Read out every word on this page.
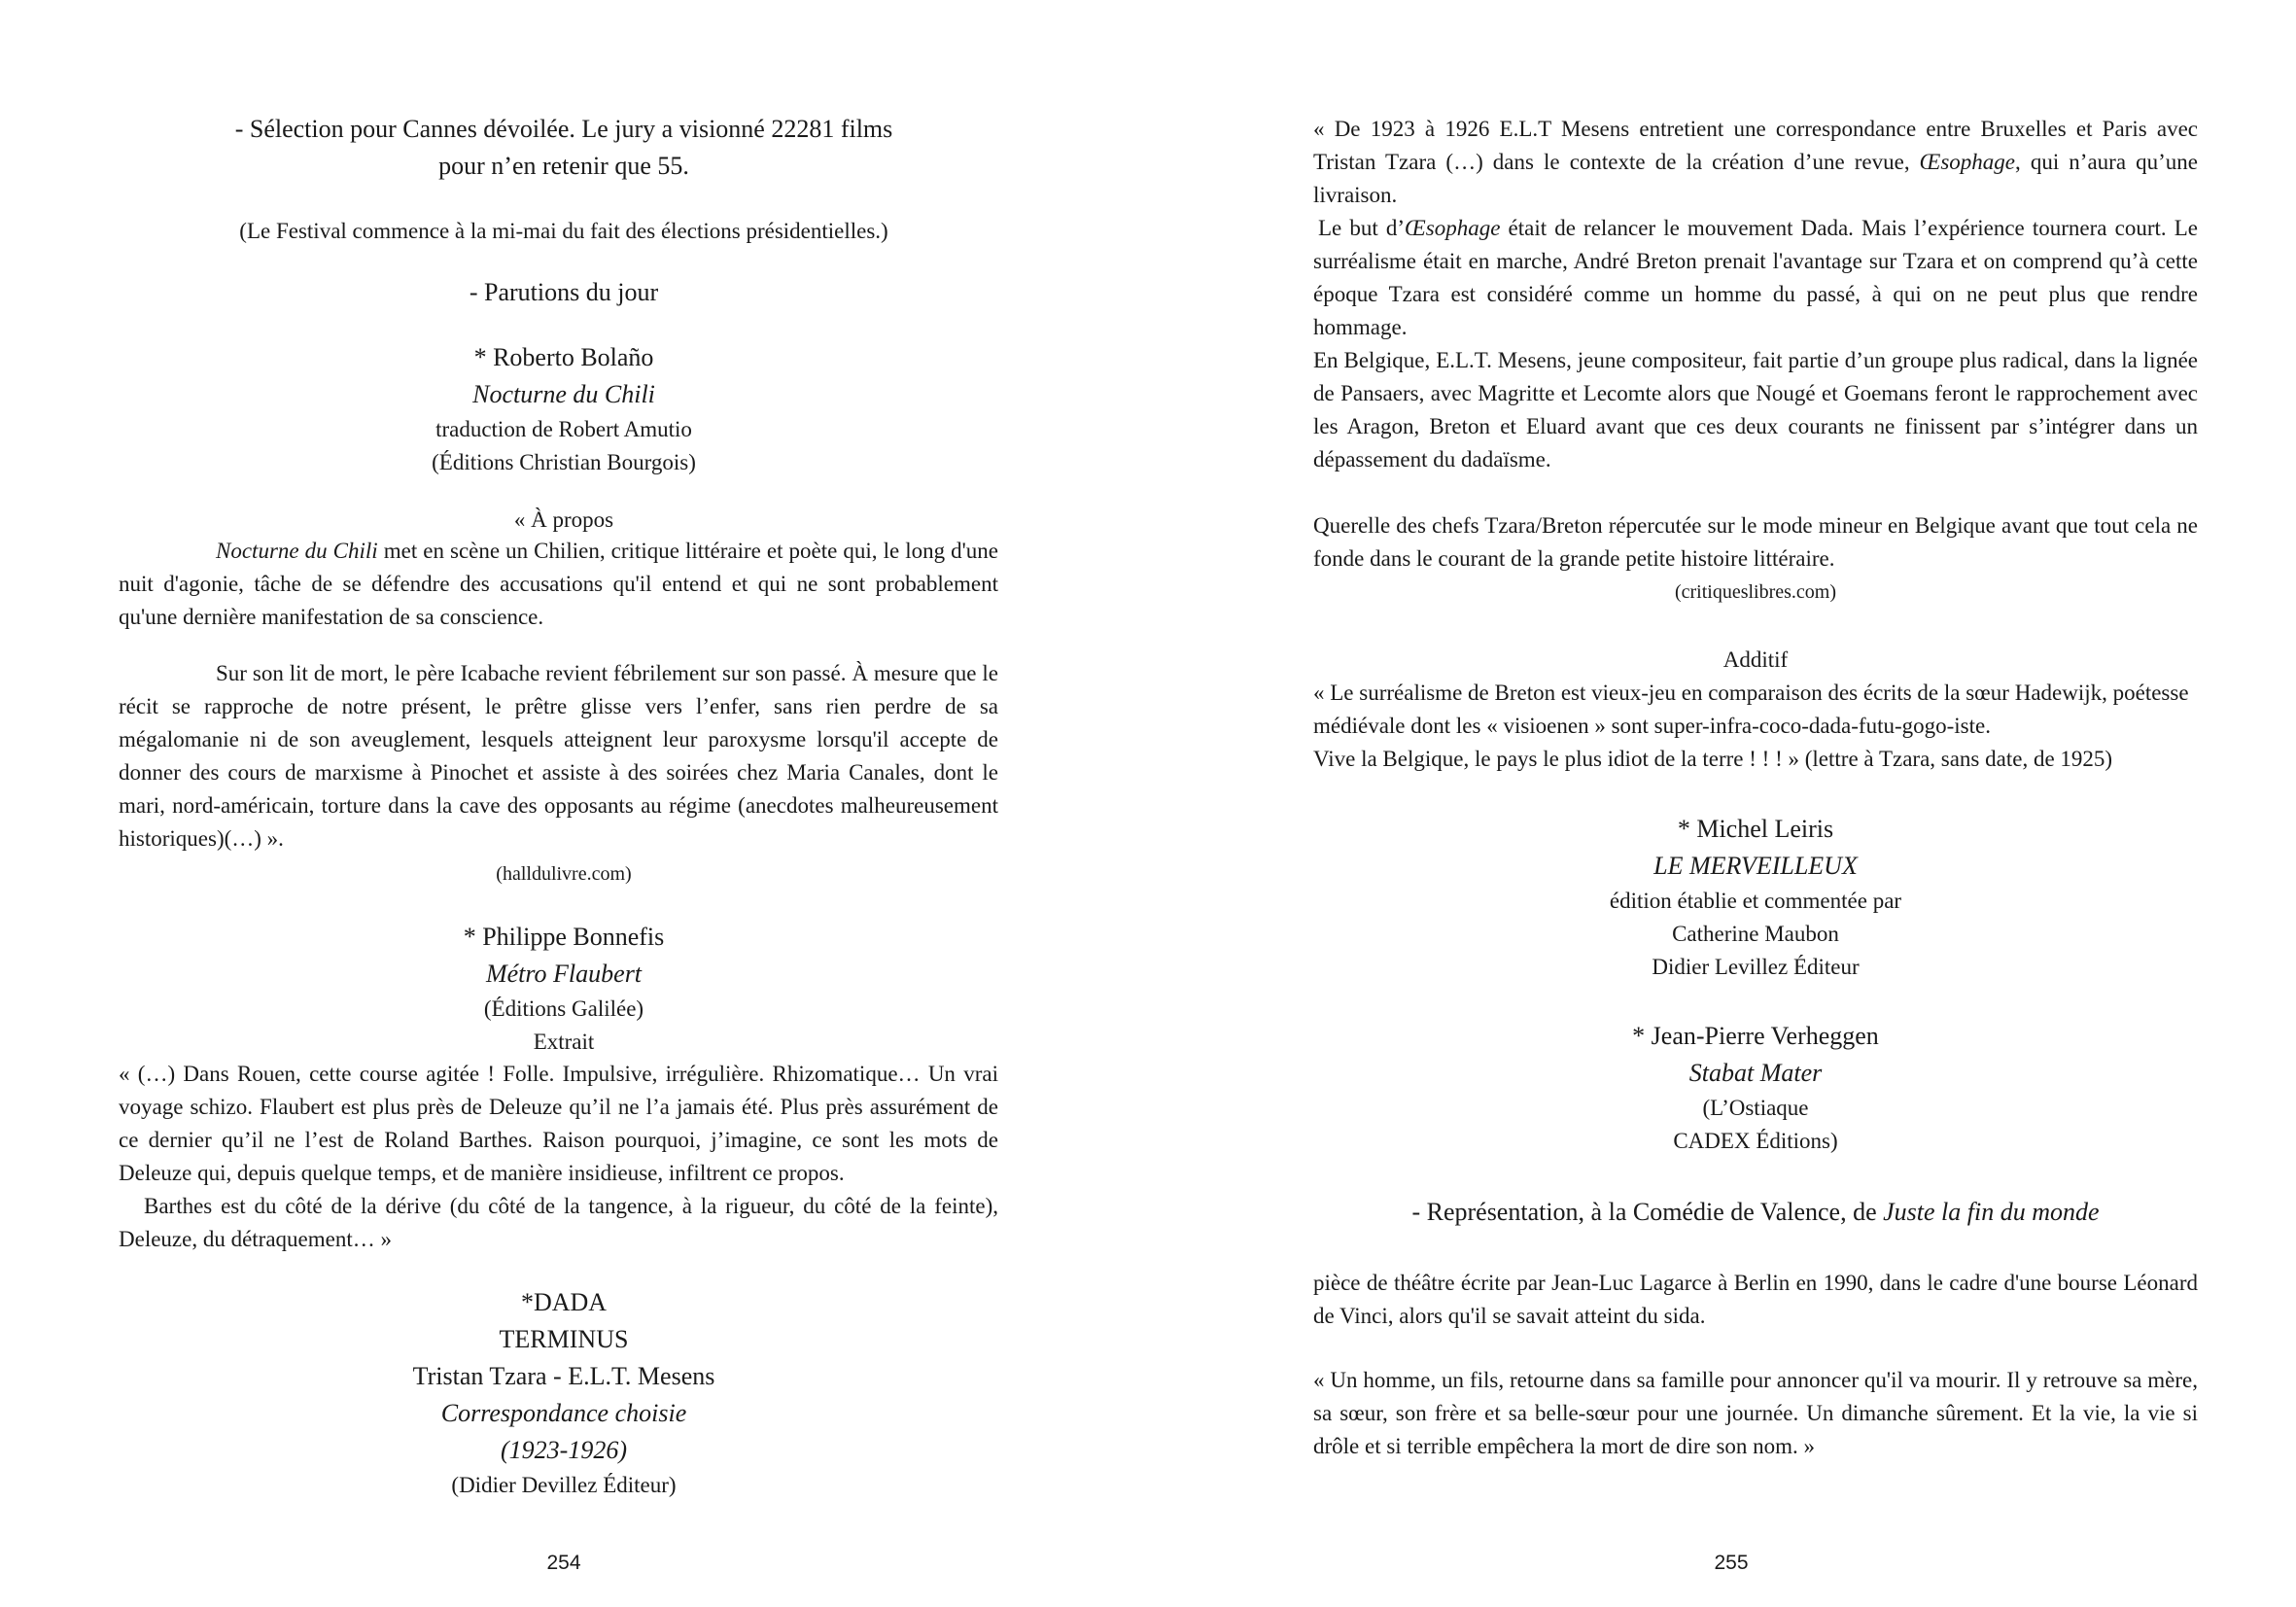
- Sélection pour Cannes dévoilée. Le jury a visionné 22281 films
pour n’en retenir que 55.
(Le Festival commence à la mi-mai du fait des élections présidentielles.)
- Parutions du jour
* Roberto Bolaño
Nocturne du Chili
traduction de Robert Amutio
(Éditions Christian Bourgois)
« À propos

Nocturne du Chili met en scène un Chilien, critique littéraire et poète qui, le long d'une nuit d'agonie, tâche de se défendre des accusations qu'il entend et qui ne sont probablement qu'une dernière manifestation de sa conscience.

Sur son lit de mort, le père Icabache revient fébrilement sur son passé. À mesure que le récit se rapproche de notre présent, le prêtre glisse vers l’enfer, sans rien perdre de sa mégalomanie ni de son aveuglement, lesquels atteignent leur paroxysme lorsqu'il accepte de donner des cours de marxisme à Pinochet et assiste à des soirées chez Maria Canales, dont le mari, nord-américain, torture dans la cave des opposants au régime (anecdotes malheureusement historiques)(…) ».

(halldulivre.com)
* Philippe Bonnefis
Métro Flaubert
(Éditions Galilée)
Extrait

« (…) Dans Rouen, cette course agitée ! Folle. Impulsive, irrégulière. Rhizomatique… Un vrai voyage schizo. Flaubert est plus près de Deleuze qu’il ne l’a jamais été. Plus près assurément de ce dernier qu’il ne l’est de Roland Barthes. Raison pourquoi, j’imagine, ce sont les mots de Deleuze qui, depuis quelque temps, et de manière insidieuse, infiltrent ce propos.

Barthes est du côté de la dérive (du côté de la tangence, à la rigueur, du côté de la feinte), Deleuze, du détraquement… »

*DADA
TERMINUS
Tristan Tzara - E.L.T. Mesens
Correspondance choisie
(1923-1926)
(Didier Devillez Éditeur)
254

« De 1923 à 1926 E.L.T Mesens entretient une correspondance entre Bruxelles et Paris avec Tristan Tzara (…) dans le contexte de la création d’une revue, Œsophage, qui n’aura qu’une livraison.

Le but d’Œsophage était de relancer le mouvement Dada. Mais l’expérience tournera court. Le surréalisme était en marche, André Breton prenait l'avantage sur Tzara et on comprend qu’à cette époque Tzara est considéré comme un homme du passé, à qui on ne peut plus que rendre hommage.

En Belgique, E.L.T. Mesens, jeune compositeur, fait partie d’un groupe plus radical, dans la lignée de Pansaers, avec Magritte et Lecomte alors que Nougé et Goemans feront le rapprochement avec les Aragon, Breton et Eluard avant que ces deux courants ne finissent par s’intégrer dans un dépassement du dadaïsme.

Querelle des chefs Tzara/Breton répercutée sur le mode mineur en Belgique avant que tout cela ne fonde dans le courant de la grande petite histoire littéraire.

(critiqueslibres.com)
Additif

« Le surréalisme de Breton est vieux-jeu en comparaison des écrits de la sœur Hadewijk, poétesse médiévale dont les « visioenen » sont super-infra-coco-dada-futu-gogo-iste.

Vive la Belgique, le pays le plus idiot de la terre ! ! ! » (lettre à Tzara, sans date, de 1925)

* Michel Leiris
LE MERVEILLEUX
édition établie et commentée par
Catherine Maubon
Didier Levillez Éditeur
* Jean-Pierre Verheggen
Stabat Mater
(L’Ostiaque
CADEX Éditions)
- Représentation, à la Comédie de Valence, de Juste la fin du monde
pièce de théâtre écrite par Jean-Luc Lagarce à Berlin en 1990, dans le cadre d'une bourse Léonard de Vinci, alors qu'il se savait atteint du sida.
« Un homme, un fils, retourne dans sa famille pour annoncer qu'il va mourir. Il y retrouve sa mère, sa sœur, son frère et sa belle-sœur pour une journée. Un dimanche sûrement. Et la vie, la vie si drôle et si terrible empêchera la mort de dire son nom. »
255
